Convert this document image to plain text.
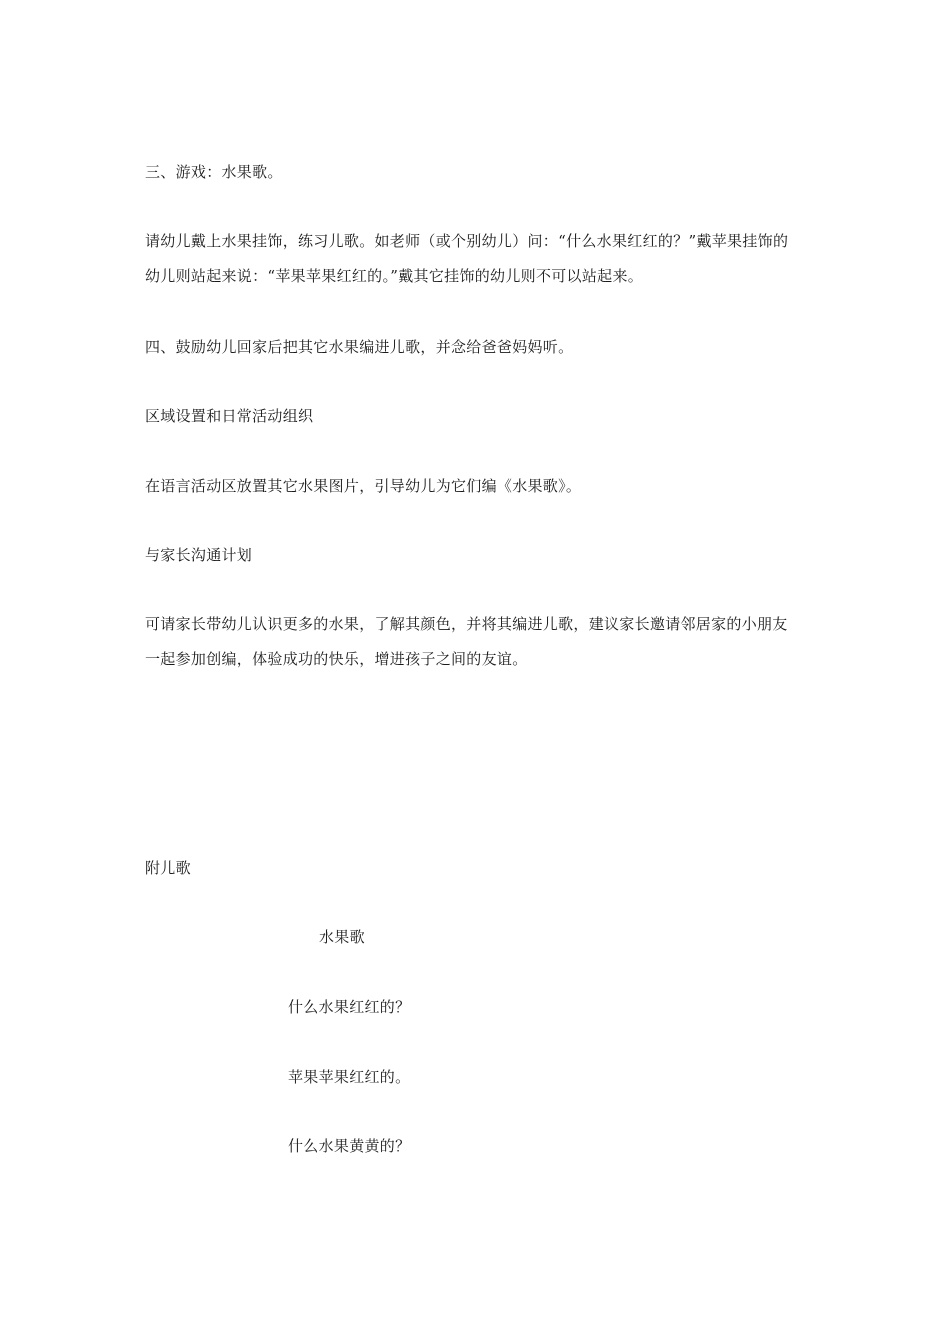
三、游戏：水果歌。
请幼儿戴上水果挂饰，练习儿歌。如老师（或个别幼儿）问：“什么水果红红的？”戴苹果挂饰的
幼儿则站起来说：“苹果苹果红红的。”戴其它挂饰的幼儿则不可以站起来。
四、鼓励幼儿回家后把其它水果编进儿歌，并念给爸爸妈妈听。
区域设置和日常活动组织
在语言活动区放置其它水果图片，引导幼儿为它们编《水果歌》。
与家长沟通计划
可请家长带幼儿认识更多的水果，了解其颜色，并将其编进儿歌，建议家长邀请邻居家的小朋友
一起参加创编，体验成功的快乐，增进孩子之间的友谊。
附儿歌
水果歌
什么水果红红的？
苹果苹果红红的。
什么水果黄黄的？
